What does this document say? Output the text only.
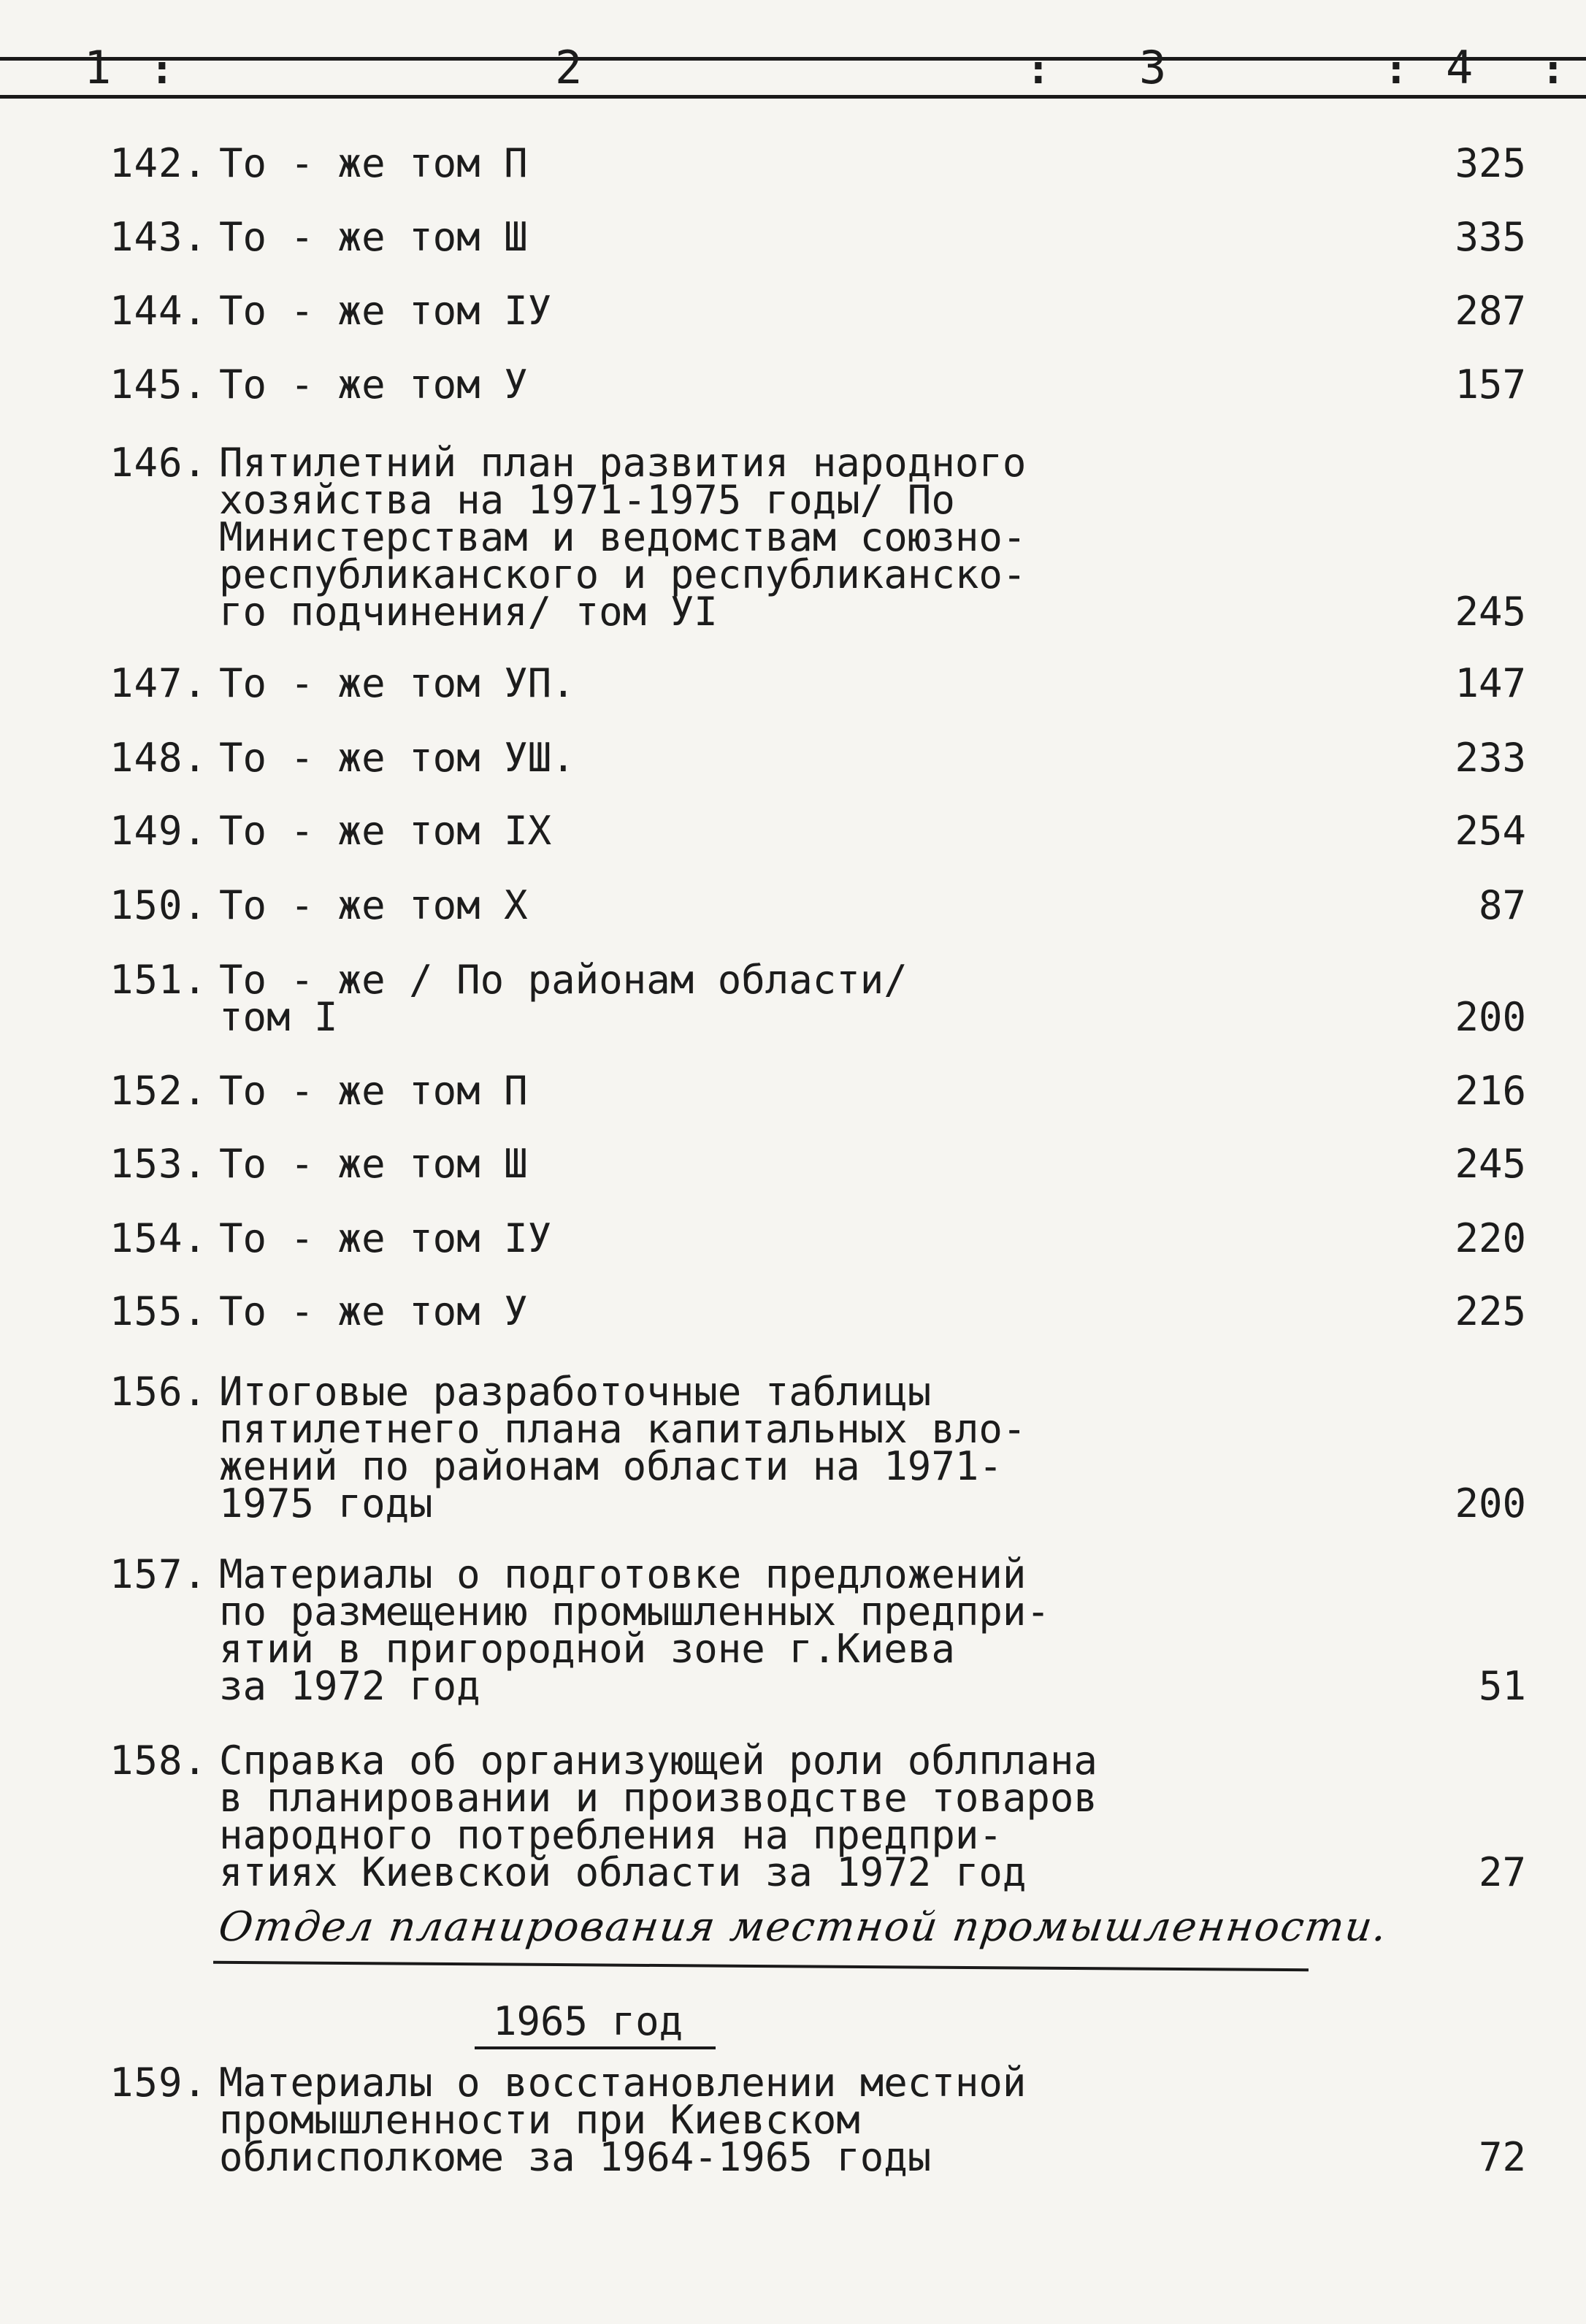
1 :	2	: 3	: 4 :
142. То - же том П	325
143. То - же том Ш	335
144. То - же том IУ	287
145. То - же том У	157
146. Пятилетний план развития народного
хозяйства на 1971-1975 годы/ По
Министерствам и ведомствам союзно-
республиканского и республиканско-
го подчинения/ том УI	245
147. То - же том УП.	147
148. То - же том УШ.	233
149. То - же том IХ	254
150. То - же том Х	87
151. То - же / По районам области/
том I	200
152. То - же том П	216
153. То - же том Ш	245
154. То - же том IУ	220
155. То - же том У	225
156. Итоговые разработочные таблицы
пятилетнего плана капитальных вло-
жений по районам области на 1971-
1975 годы	200
157. Материалы о подготовке предложений
по размещению промышленных предпри-
ятий в пригородной зоне г.Киева
за 1972 год	51
158. Справка об организующей роли облплана
в планировании и производстве товаров
народного потребления на предпри-
ятиях Киевской области за 1972 год	27
Отдел планирования местной промышленности.
1965 год
159. Материалы о восстановлении местной
промышленности при Киевском
облисполкоме за 1964-1965 годы	72
